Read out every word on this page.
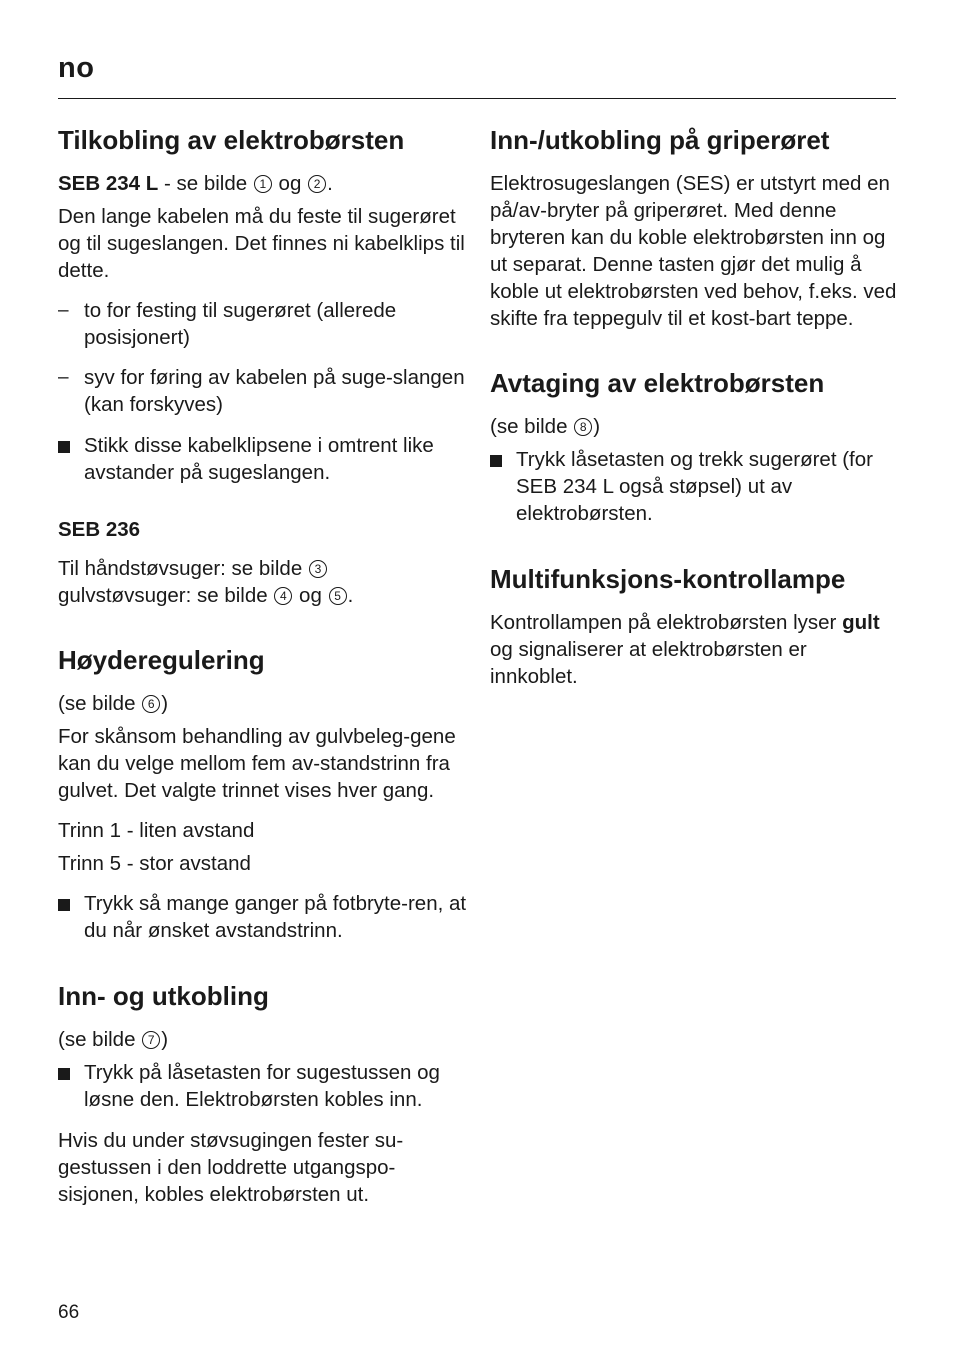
no
Tilkobling av elektrobørsten

SEB 234 L - se bilde 1 og 2 .

Den lange kabelen må du feste til sugerøret og til sugeslangen. Det finnes ni kabelklips til dette.

– to for festing til sugerøret (allerede posisjonert)
– syv for føring av kabelen på suge-slangen (kan forskyves)
Stikk disse kabelklipsene i omtrent like avstander på sugeslangen.
SEB 236

Til håndstøvsuger: se bilde 3
gulvstøvsuger: se bilde 4 og 5 .

Høyderegulering

(se bilde 6 )

For skånsom behandling av gulvbeleg-gene kan du velge mellom fem av-standstrinn fra gulvet. Det valgte trinnet vises hver gang.

Trinn 1 - liten avstand

Trinn 5 - stor avstand

Trykk så mange ganger på fotbryte-ren, at du når ønsket avstandstrinn.
Inn- og utkobling

(se bilde 7 )

Trykk på låsetasten for sugestussen og løsne den. Elektrobørsten kobles inn.

Hvis du under støvsugingen fester su-gestussen i den loddrette utgangspo-sisjonen, kobles elektrobørsten ut.

Inn-/utkobling på griperøret

Elektrosugeslangen (SES) er utstyrt med en på/av-bryter på griperøret. Med denne bryteren kan du koble elektrobørsten inn og ut separat. Denne tasten gjør det mulig å koble ut elektrobørsten ved behov, f.eks. ved skifte fra teppegulv til et kost-bart teppe.

Avtaging av elektrobørsten

(se bilde 8 )

Trykk låsetasten og trekk sugerøret (for SEB 234 L også støpsel) ut av elektrobørsten.
Multifunksjons-kontrollampe

Kontrollampen på elektrobørsten lyser gult og signaliserer at elektrobørsten er innkoblet.

66
